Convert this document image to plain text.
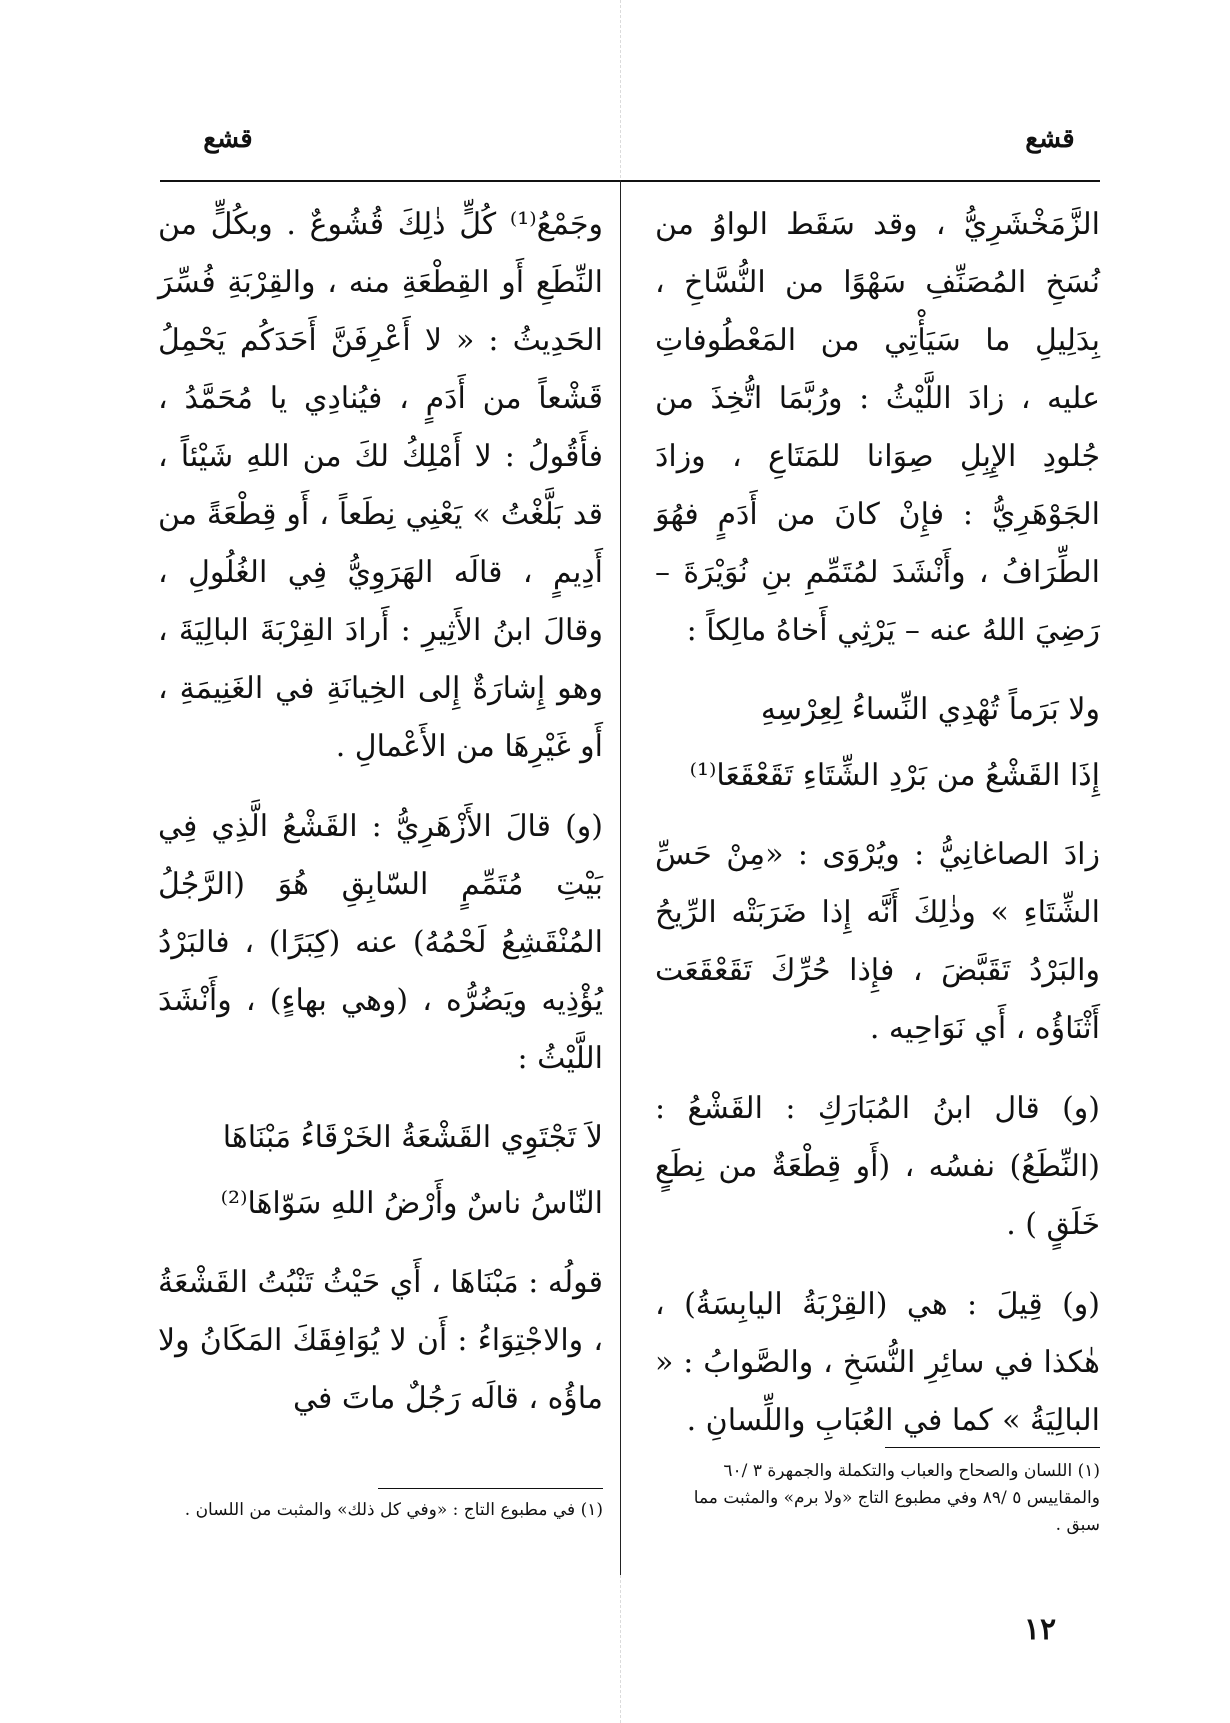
قشع
قشع

الزَّمَخْشَرِيُّ ، وقد سَقَط الواوُ من نُسَخِ المُصَنِّفِ سَهْوًا من النُّسَّاخِ ، بِدَلِيلِ ما سَيَأْتِي من المَعْطُوفاتِ عليه ، زادَ اللَّيْثُ : ورُبَّمَا اتُّخِذَ من جُلودِ الإِبِلِ صِوَانا للمَتَاعِ ، وزادَ الجَوْهَرِيُّ : فإِنْ كانَ من أَدَمٍ فهُوَ الطِّرَافُ ، وأَنْشَدَ لمُتَمِّمِ بنِ نُوَيْرَةَ – رَضِيَ اللهُ عنه – يَرْثِي أَخاهُ مالِكاً :

ولا بَرَماً تُهْدِي النِّساءُ لِعِرْسِهِ
إِذَا القَشْعُ من بَرْدِ الشِّتَاءِ تَقَعْقَعَا⁽¹⁾

زادَ الصاغانِيُّ : ويُرْوَى : «مِنْ حَسِّ الشِّتَاءِ » وذٰلِكَ أَنَّه إِذا ضَرَبَتْه الرِّيحُ والبَرْدُ تَقَبَّضَ ، فإِذا حُرِّكَ تَقَعْقَعَت أَثْنَاؤُه ، أَي نَوَاحِيه .

(و) قال ابنُ المُبَارَكِ : القَشْعُ : (النِّطَعُ) نفسُه ، (أَو قِطْعَةٌ من نِطَعٍ خَلَقٍ ) .

(و) قِيلَ : هي (القِرْبَةُ اليابِسَةُ) ، هٰكذا في سائِرِ النُّسَخِ ، والصَّوابُ : « البالِيَةُ » كما في العُبَابِ واللِّسانِ .

وجَمْعُ⁽¹⁾ كُلٍّ ذٰلِكَ قُشُوعٌ . وبكُلٍّ من النِّطَعِ أَو القِطْعَةِ منه ، والقِرْبَةِ فُسِّرَ الحَدِيثُ : « لا أَعْرِفَنَّ أَحَدَكُم يَحْمِلُ قَشْعاً من أَدَمٍ ، فيُنادِي يا مُحَمَّدُ ، فأَقُولُ : لا أَمْلِكُ لكَ من اللهِ شَيْئاً ، قد بَلَّغْتُ » يَعْنِي نِطَعاً ، أَو قِطْعَةً من أَدِيمٍ ، قالَه الهَرَوِيُّ فِي الغُلُولِ ، وقالَ ابنُ الأَثِيرِ : أَرادَ القِرْبَةَ البالِيَةَ ، وهو إِشارَةٌ إِلى الخِيانَةِ في الغَنِيمَةِ ، أَو غَيْرِهَا من الأَعْمالِ .

(و) قالَ الأَزْهَرِيُّ : القَشْعُ الَّذِي فِي بَيْتِ مُتَمِّمٍ السّابِقِ هُوَ (الرَّجُلُ المُنْقَشِعُ لَحْمُهُ) عنه (كِبَرًا) ، فالبَرْدُ يُؤْذِيه ويَضُرُّه ، (وهي بهاءٍ) ، وأَنْشَدَ اللَّيْثُ :

لاَ تَجْتَوِي القَشْعَةُ الخَرْقَاءُ مَبْنَاهَا
النّاسُ ناسٌ وأَرْضُ اللهِ سَوّاهَا⁽²⁾

قولُه : مَبْنَاهَا ، أَي حَيْثُ تَنْبُتُ القَشْعَةُ ، والاجْتِوَاءُ : أَن لا يُوَافِقَكَ المَكَانُ ولا ماؤُه ، قالَه رَجُلٌ ماتَ في

(١) اللسان والصحاح والعباب والتكملة والجمهرة ٣ /٦٠ والمقاييس ٥ /٨٩ وفي مطبوع التاج «ولا برم» والمثبت مما سبق .
(١) في مطبوع التاج : «وفي كل ذلك» والمثبت من اللسان .
١٢
